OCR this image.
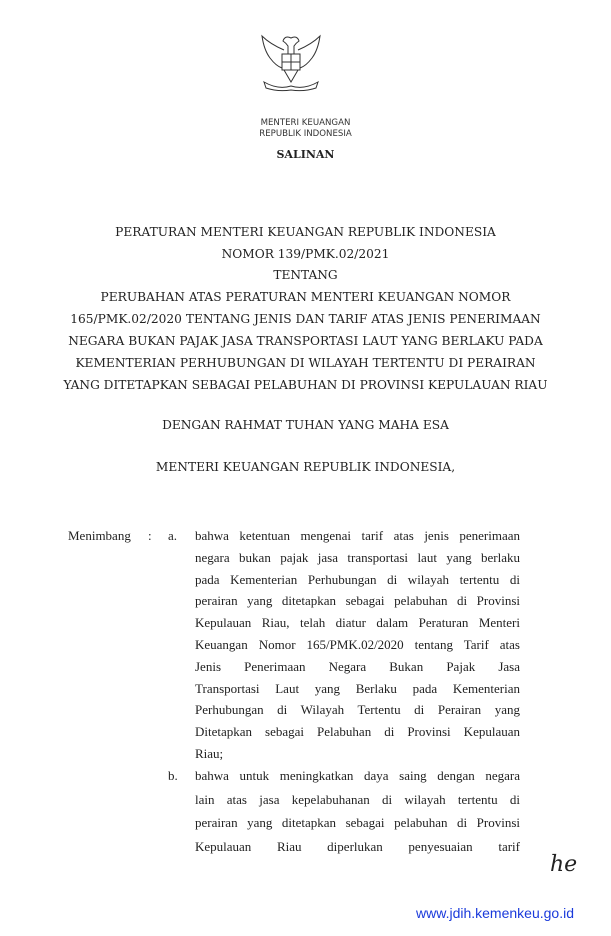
MENTERI KEUANGAN
REPUBLIK INDONESIA
SALINAN
PERATURAN MENTERI KEUANGAN REPUBLIK INDONESIA
NOMOR 139/PMK.02/2021
TENTANG
PERUBAHAN ATAS PERATURAN MENTERI KEUANGAN NOMOR
165/PMK.02/2020 TENTANG JENIS DAN TARIF ATAS JENIS PENERIMAAN
NEGARA BUKAN PAJAK JASA TRANSPORTASI LAUT YANG BERLAKU PADA
KEMENTERIAN PERHUBUNGAN DI WILAYAH TERTENTU DI PERAIRAN
YANG DITETAPKAN SEBAGAI PELABUHAN DI PROVINSI KEPULAUAN RIAU
DENGAN RAHMAT TUHAN YANG MAHA ESA
MENTERI KEUANGAN REPUBLIK INDONESIA,
Menimbang : a. bahwa ketentuan mengenai tarif atas jenis penerimaan
negara bukan pajak jasa transportasi laut yang berlaku
pada Kementerian Perhubungan di wilayah tertentu di
perairan yang ditetapkan sebagai pelabuhan di Provinsi
Kepulauan Riau, telah diatur dalam Peraturan Menteri
Keuangan Nomor 165/PMK.02/2020 tentang Tarif atas
Jenis Penerimaan Negara Bukan Pajak Jasa
Transportasi Laut yang Berlaku pada Kementerian
Perhubungan di Wilayah Tertentu di Perairan yang
Ditetapkan sebagai Pelabuhan di Provinsi Kepulauan
Riau;
b. bahwa untuk meningkatkan daya saing dengan negara
lain atas jasa kepelabuhanan di wilayah tertentu di
perairan yang ditetapkan sebagai pelabuhan di Provinsi
Kepulauan Riau diperlukan penyesuaian tarif
he
www.jdih.kemenkeu.go.id
